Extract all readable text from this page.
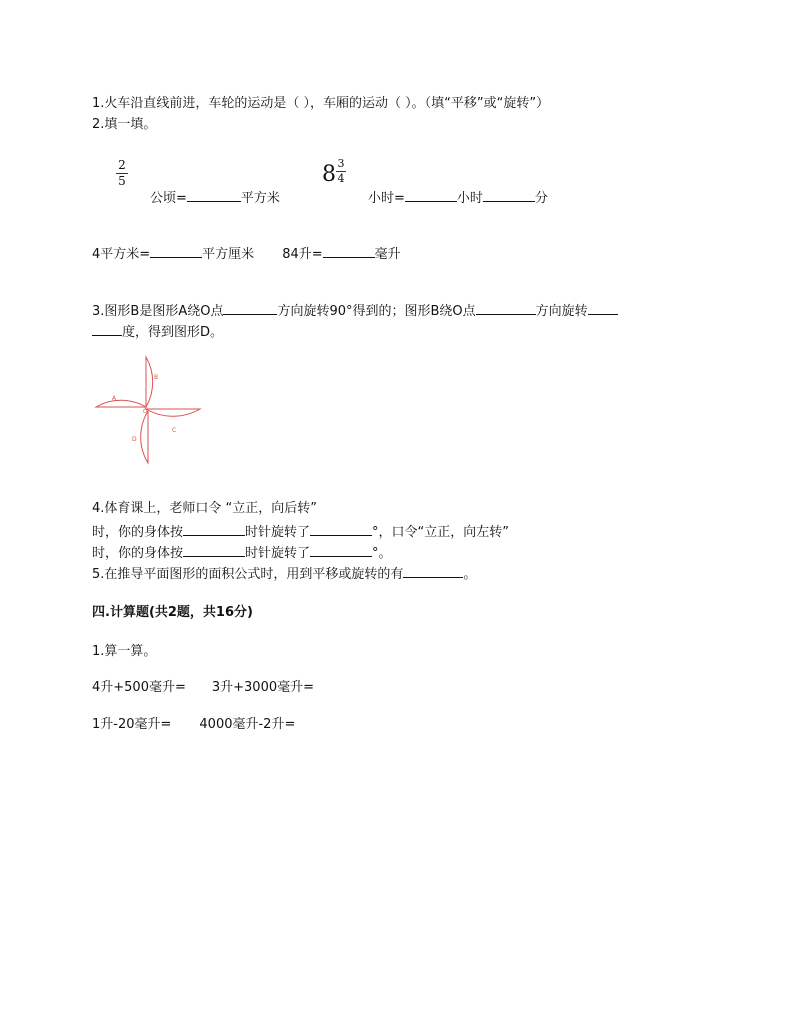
1.火车沿直线前进，车轮的运动是（ ），车厢的运动（ ）。（填“平移”或“旋转”）
2.填一填。
2
5
公顷=	平方米
8 3
4
小时=	小时	分
4平方米=	平方厘米 84升=	毫升
3.图形B是图形A绕O点	方向旋转90°得到的；图形B绕O点	方向旋转
度，得到图形D。
A
B
C
D
O
4.体育课上，老师口令 “立正，向后转”
时，你的身体按	时针旋转了	°，口令“立正，向左转”
时，你的身体按	时针旋转了	°。
5.在推导平面图形的面积公式时，用到平移或旋转的有	。
四.计算题(共2题，共16分)
1.算一算。
4升+500毫升= 3升+3000毫升=
1升-20毫升= 4000毫升-2升=
